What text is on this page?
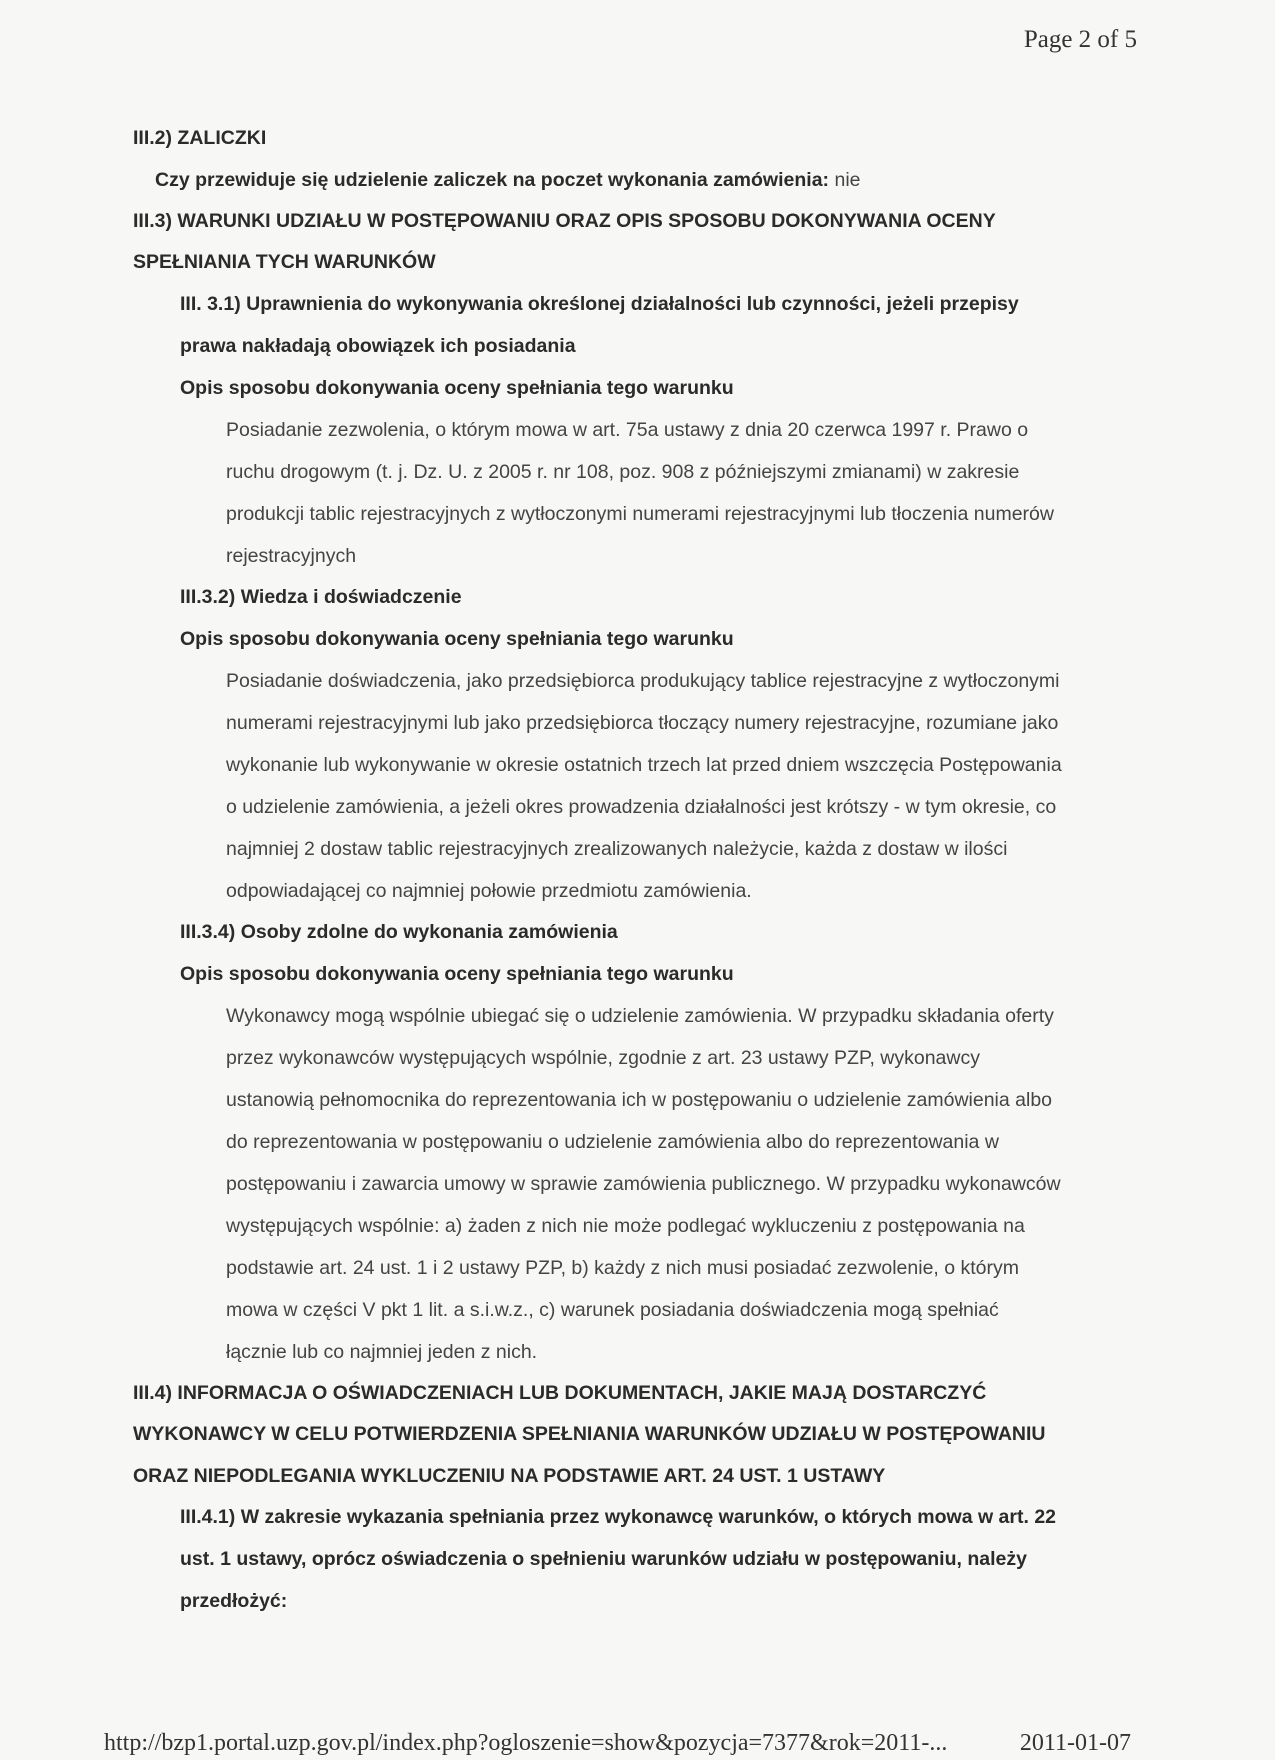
Page 2 of 5
III.2) ZALICZKI
Czy przewiduje się udzielenie zaliczek na poczet wykonania zamówienia: nie
III.3) WARUNKI UDZIAŁU W POSTĘPOWANIU ORAZ OPIS SPOSOBU DOKONYWANIA OCENY
SPEŁNIANIA TYCH WARUNKÓW
III. 3.1) Uprawnienia do wykonywania określonej działalności lub czynności, jeżeli przepisy
prawa nakładają obowiązek ich posiadania
Opis sposobu dokonywania oceny spełniania tego warunku
Posiadanie zezwolenia, o którym mowa w art. 75a ustawy z dnia 20 czerwca 1997 r. Prawo o
ruchu drogowym (t. j. Dz. U. z 2005 r. nr 108, poz. 908 z późniejszymi zmianami) w zakresie
produkcji tablic rejestracyjnych z wytłoczonymi numerami rejestracyjnymi lub tłoczenia numerów
rejestracyjnych
III.3.2) Wiedza i doświadczenie
Opis sposobu dokonywania oceny spełniania tego warunku
Posiadanie doświadczenia, jako przedsiębiorca produkujący tablice rejestracyjne z wytłoczonymi
numerami rejestracyjnymi lub jako przedsiębiorca tłoczący numery rejestracyjne, rozumiane jako
wykonanie lub wykonywanie w okresie ostatnich trzech lat przed dniem wszczęcia Postępowania
o udzielenie zamówienia, a jeżeli okres prowadzenia działalności jest krótszy - w tym okresie, co
najmniej 2 dostaw tablic rejestracyjnych zrealizowanych należycie, każda z dostaw w ilości
odpowiadającej co najmniej połowie przedmiotu zamówienia.
III.3.4) Osoby zdolne do wykonania zamówienia
Opis sposobu dokonywania oceny spełniania tego warunku
Wykonawcy mogą wspólnie ubiegać się o udzielenie zamówienia. W przypadku składania oferty
przez wykonawców występujących wspólnie, zgodnie z art. 23 ustawy PZP, wykonawcy
ustanowią pełnomocnika do reprezentowania ich w postępowaniu o udzielenie zamówienia albo
do reprezentowania w postępowaniu o udzielenie zamówienia albo do reprezentowania w
postępowaniu i zawarcia umowy w sprawie zamówienia publicznego. W przypadku wykonawców
występujących wspólnie: a) żaden z nich nie może podlegać wykluczeniu z postępowania na
podstawie art. 24 ust. 1 i 2 ustawy PZP, b) każdy z nich musi posiadać zezwolenie, o którym
mowa w części V pkt 1 lit. a s.i.w.z., c) warunek posiadania doświadczenia mogą spełniać
łącznie lub co najmniej jeden z nich.
III.4) INFORMACJA O OŚWIADCZENIACH LUB DOKUMENTACH, JAKIE MAJĄ DOSTARCZYĆ
WYKONAWCY W CELU POTWIERDZENIA SPEŁNIANIA WARUNKÓW UDZIAŁU W POSTĘPOWANIU
ORAZ NIEPODLEGANIA WYKLUCZENIU NA PODSTAWIE ART. 24 UST. 1 USTAWY
III.4.1) W zakresie wykazania spełniania przez wykonawcę warunków, o których mowa w art. 22
ust. 1 ustawy, oprócz oświadczenia o spełnieniu warunków udziału w postępowaniu, należy
przedłożyć:
http://bzp1.portal.uzp.gov.pl/index.php?ogloszenie=show&pozycja=7377&rok=2011-...	2011-01-07
